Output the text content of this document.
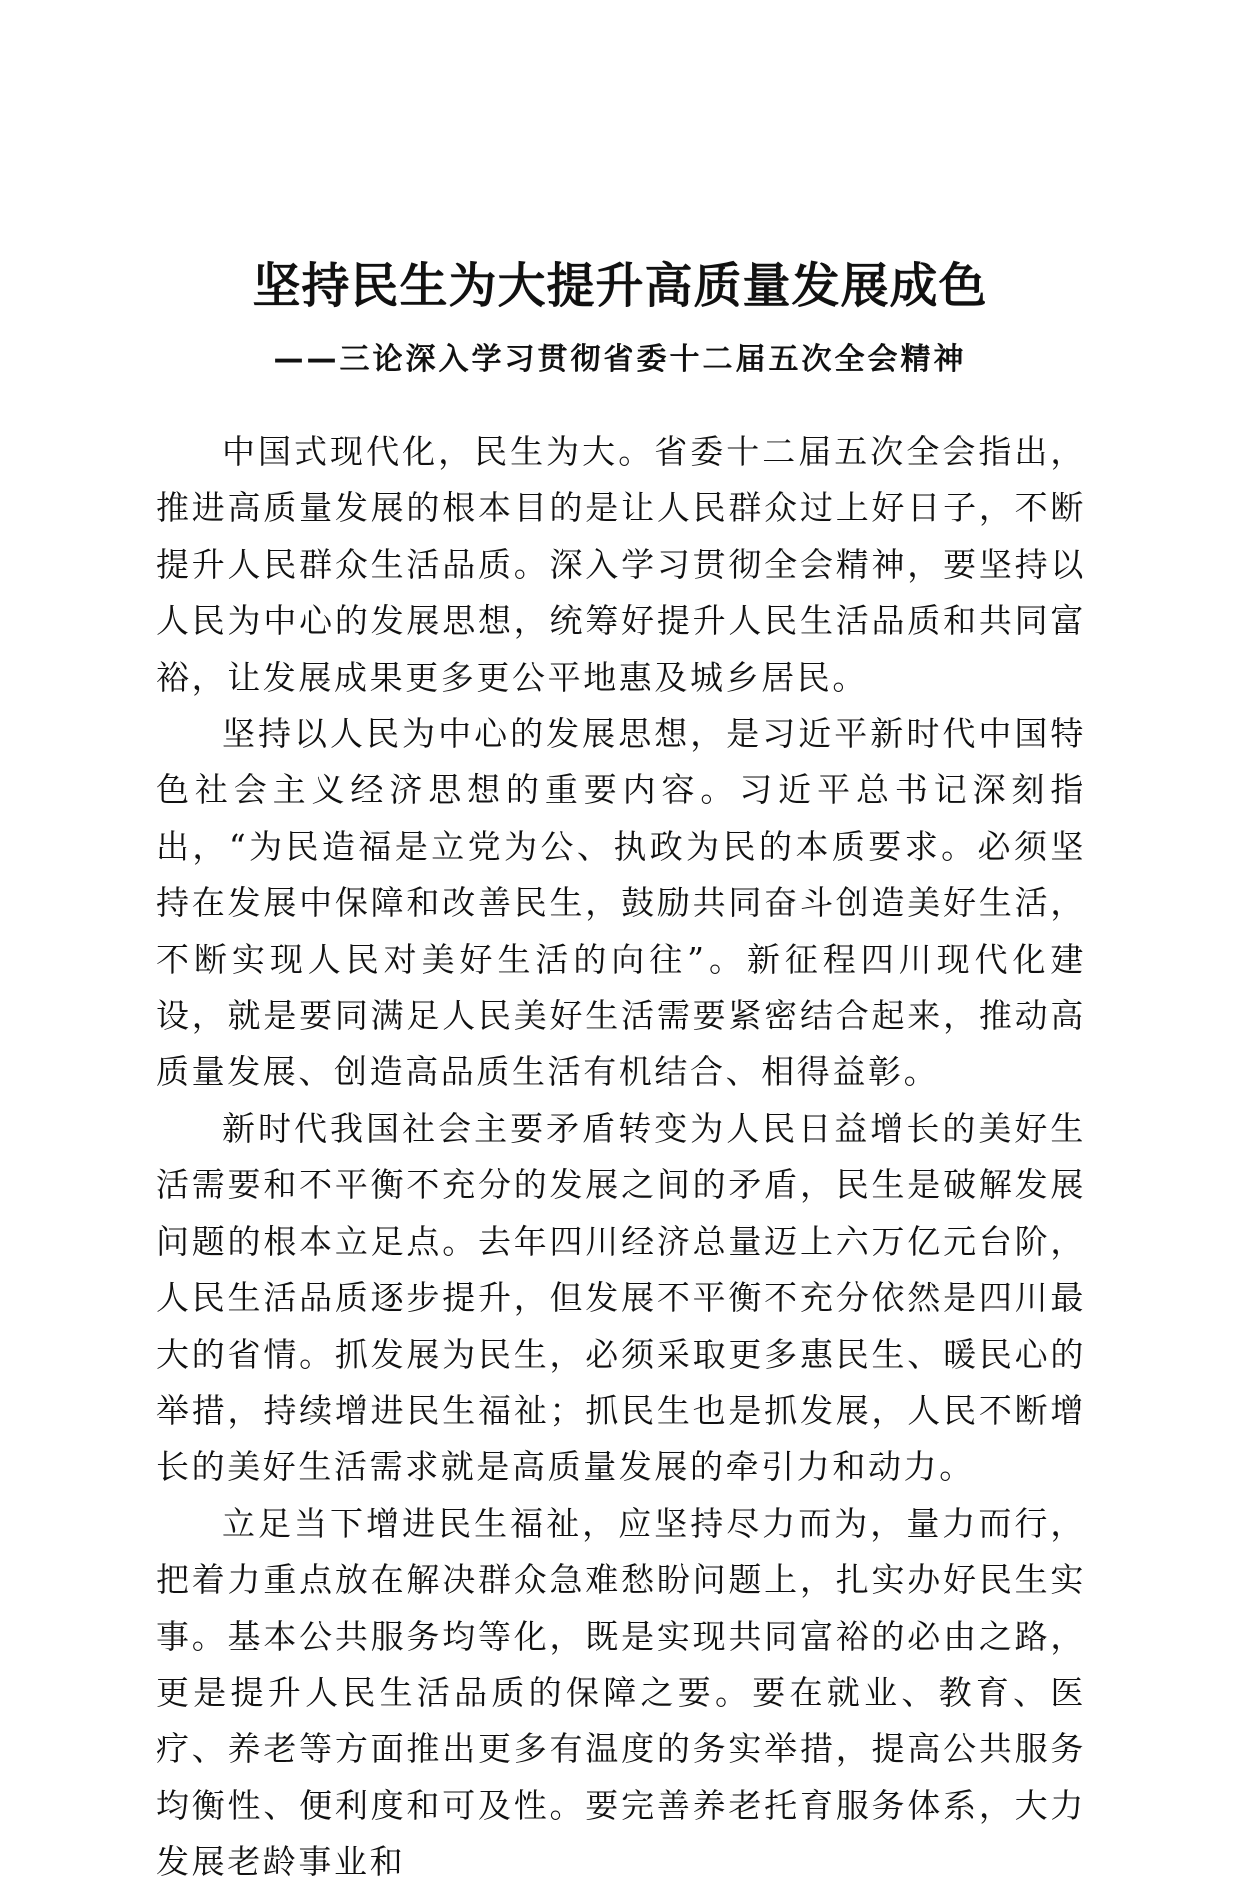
坚持民生为大提升高质量发展成色
——三论深入学习贯彻省委十二届五次全会精神

中国式现代化，民生为大。省委十二届五次全会指出，推进高质量发展的根本目的是让人民群众过上好日子，不断提升人民群众生活品质。深入学习贯彻全会精神，要坚持以人民为中心的发展思想，统筹好提升人民生活品质和共同富裕，让发展成果更多更公平地惠及城乡居民。

坚持以人民为中心的发展思想，是习近平新时代中国特色社会主义经济思想的重要内容。习近平总书记深刻指出，“为民造福是立党为公、执政为民的本质要求。必须坚持在发展中保障和改善民生，鼓励共同奋斗创造美好生活，不断实现人民对美好生活的向往”。新征程四川现代化建设，就是要同满足人民美好生活需要紧密结合起来，推动高质量发展、创造高品质生活有机结合、相得益彰。

新时代我国社会主要矛盾转变为人民日益增长的美好生活需要和不平衡不充分的发展之间的矛盾，民生是破解发展问题的根本立足点。去年四川经济总量迈上六万亿元台阶，人民生活品质逐步提升，但发展不平衡不充分依然是四川最大的省情。抓发展为民生，必须采取更多惠民生、暖民心的举措，持续增进民生福祉；抓民生也是抓发展，人民不断增长的美好生活需求就是高质量发展的牵引力和动力。

立足当下增进民生福祉，应坚持尽力而为，量力而行，把着力重点放在解决群众急难愁盼问题上，扎实办好民生实事。基本公共服务均等化，既是实现共同富裕的必由之路，更是提升人民生活品质的保障之要。要在就业、教育、医疗、养老等方面推出更多有温度的务实举措，提高公共服务均衡性、便利度和可及性。要完善养老托育服务体系，大力发展老龄事业和
